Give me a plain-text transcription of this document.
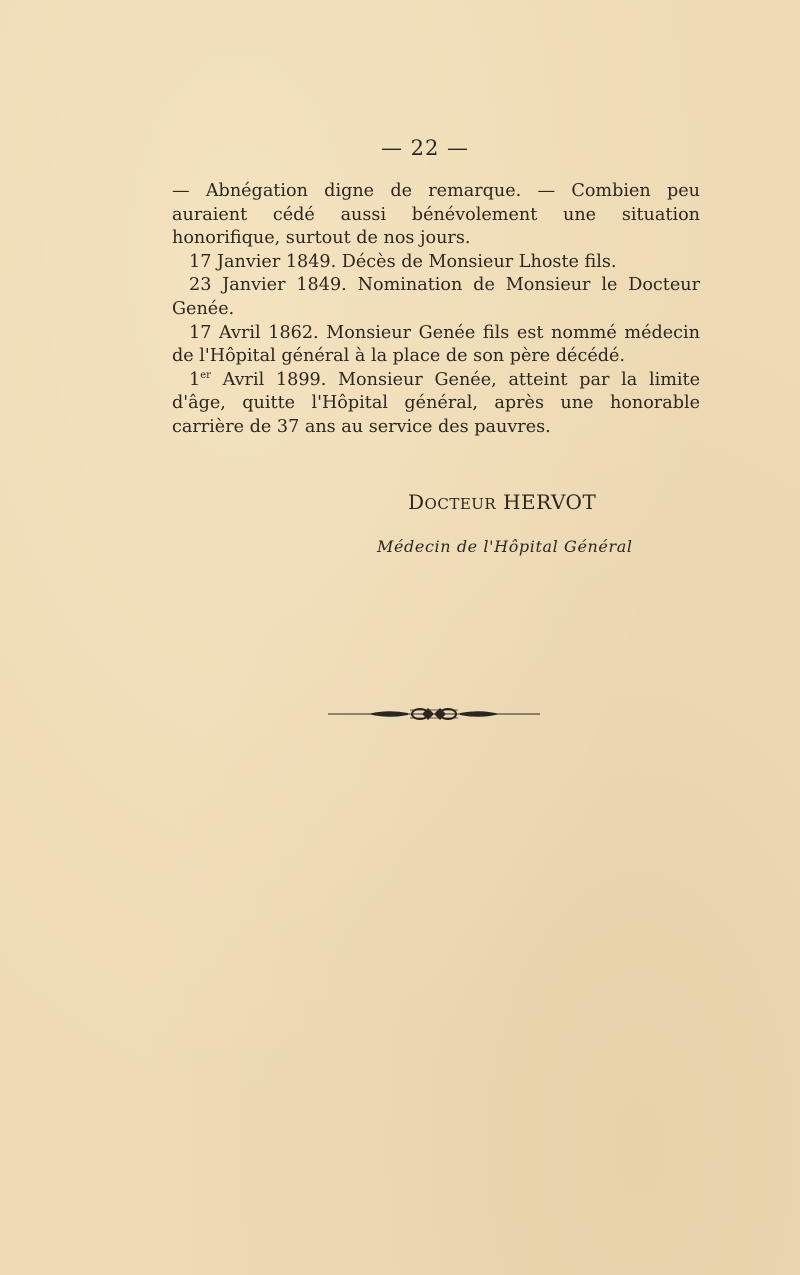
— 22 —

— Abnégation digne de remarque. — Combien peu auraient cédé aussi bénévolement une situation honorifique, surtout de nos jours.

17 Janvier 1849. Décès de Monsieur Lhoste fils.

23 Janvier 1849. Nomination de Monsieur le Docteur Genée.

17 Avril 1862. Monsieur Genée fils est nommé médecin de l'Hôpital général à la place de son père décédé.

1er Avril 1899. Monsieur Genée, atteint par la limite d'âge, quitte l'Hôpital général, après une honorable carrière de 37 ans au service des pauvres.

DOCTEUR HERVOT
Médecin de l'Hôpital Général
